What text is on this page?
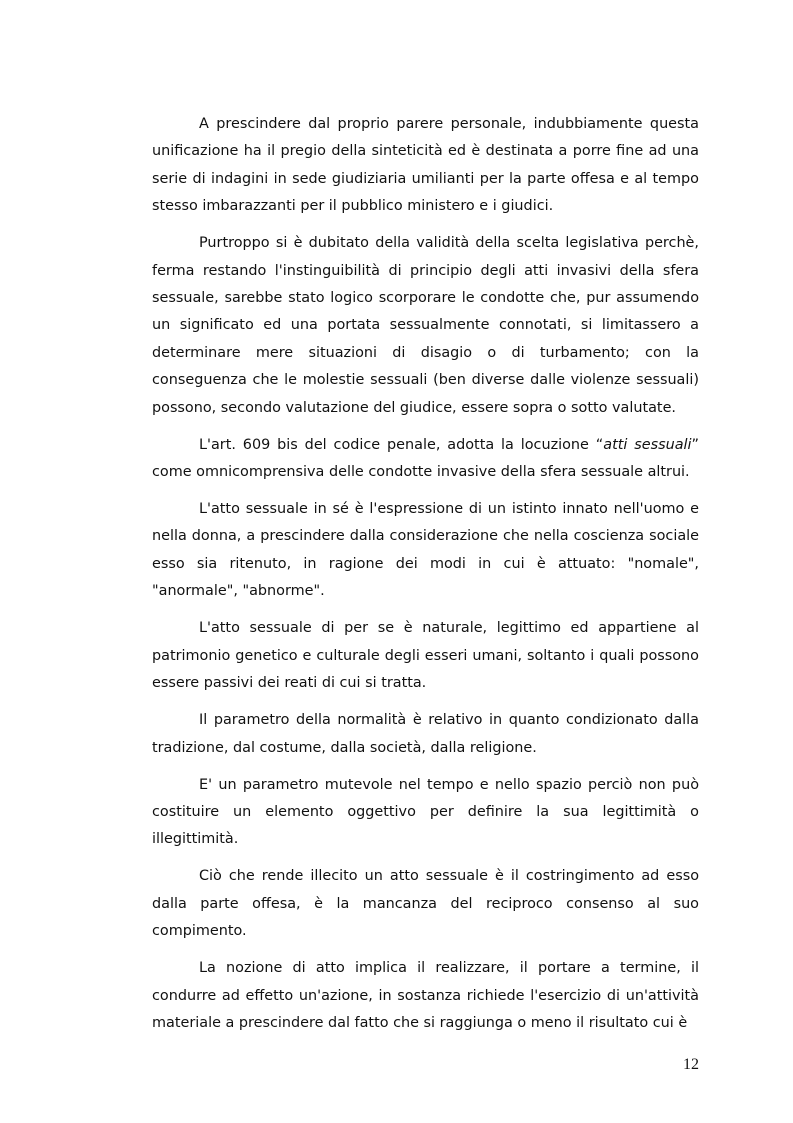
A prescindere dal proprio parere personale, indubbiamente questa unificazione ha il pregio della sinteticità ed è destinata a porre fine ad una serie di indagini in sede giudiziaria umilianti per la parte offesa e al tempo stesso imbarazzanti per il pubblico ministero e i giudici.

Purtroppo si è dubitato della validità della scelta legislativa perchè, ferma restando l'instinguibilità di principio degli atti invasivi della sfera sessuale, sarebbe stato logico scorporare le condotte che, pur assumendo un significato ed una portata sessualmente connotati, si limitassero a determinare mere situazioni di disagio o di turbamento; con la conseguenza che le molestie sessuali (ben diverse dalle violenze sessuali) possono, secondo valutazione del giudice, essere sopra o sotto valutate.

L'art. 609 bis del codice penale, adotta la locuzione “atti sessuali” come omnicomprensiva delle condotte invasive della sfera sessuale altrui.

L'atto sessuale in sé è l'espressione di un istinto innato nell'uomo e nella donna, a prescindere dalla considerazione che nella coscienza sociale esso sia ritenuto, in ragione dei modi in cui è attuato: "nomale", "anormale", "abnorme".

L'atto sessuale di per se è naturale, legittimo ed appartiene al patrimonio genetico e culturale degli esseri umani, soltanto i quali possono essere passivi dei reati di cui si tratta.

Il parametro della normalità è relativo in quanto condizionato dalla tradizione, dal costume, dalla società, dalla religione.

E' un parametro mutevole nel tempo e nello spazio perciò non può costituire un elemento oggettivo per definire la sua legittimità o illegittimità.

Ciò che rende illecito un atto sessuale è il costringimento ad esso dalla parte offesa, è la mancanza del reciproco consenso al suo compimento.

La nozione di atto implica il realizzare, il portare a termine, il condurre ad effetto un'azione, in sostanza richiede l'esercizio di un'attività materiale a prescindere dal fatto che si raggiunga o meno il risultato cui è

12
